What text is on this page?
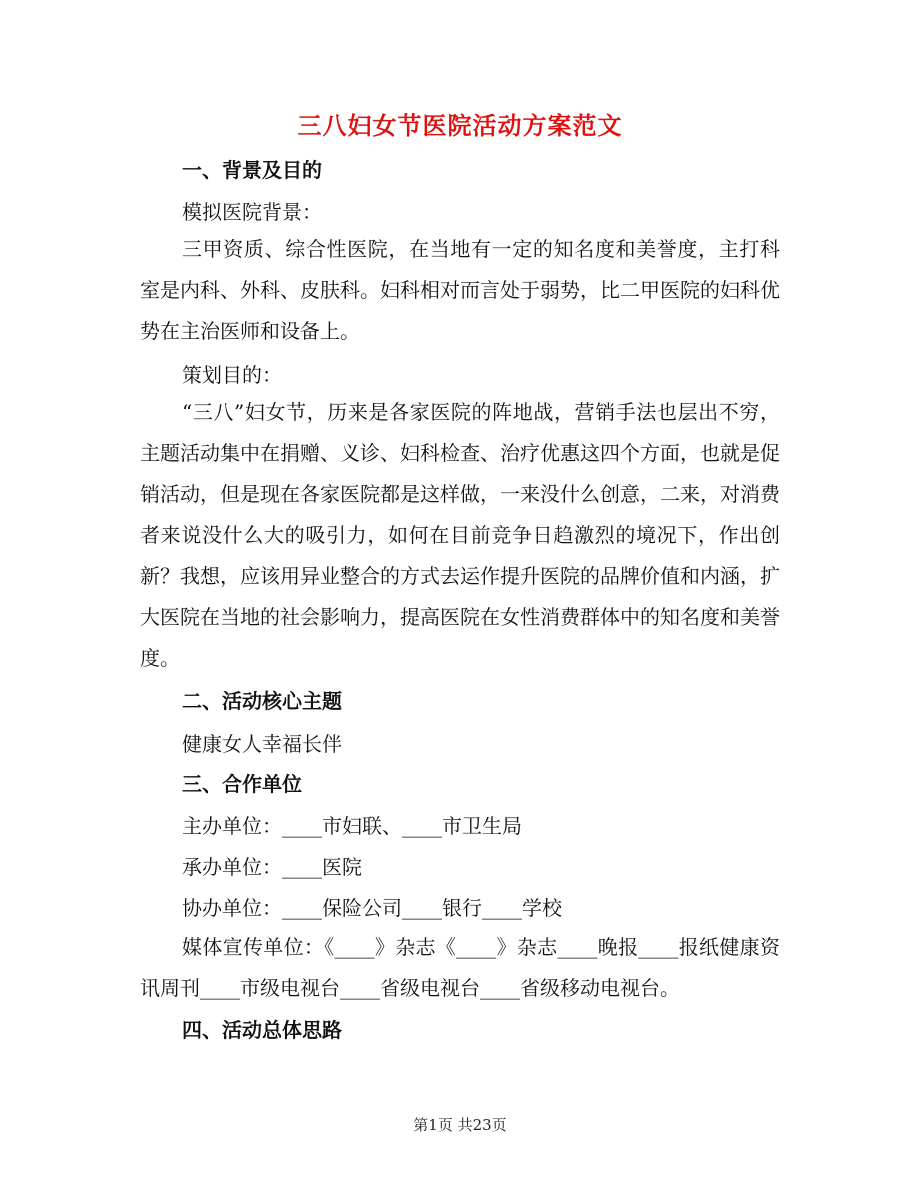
三八妇女节医院活动方案范文
一、背景及目的
模拟医院背景：
三甲资质、综合性医院，在当地有一定的知名度和美誉度，主打科室是内科、外科、皮肤科。妇科相对而言处于弱势，比二甲医院的妇科优势在主治医师和设备上。
策划目的：
“三八”妇女节，历来是各家医院的阵地战，营销手法也层出不穷，主题活动集中在捐赠、义诊、妇科检查、治疗优惠这四个方面，也就是促销活动，但是现在各家医院都是这样做，一来没什么创意，二来，对消费者来说没什么大的吸引力，如何在目前竞争日趋激烈的境况下，作出创新？我想，应该用异业整合的方式去运作提升医院的品牌价值和内涵，扩大医院在当地的社会影响力，提高医院在女性消费群体中的知名度和美誉度。
二、活动核心主题
健康女人幸福长伴
三、合作单位
主办单位：____市妇联、____市卫生局
承办单位：____医院
协办单位：____保险公司____银行____学校
媒体宣传单位：《____》杂志《____》杂志____晚报____报纸健康资讯周刊____市级电视台____省级电视台____省级移动电视台。
四、活动总体思路
第1页 共23页
